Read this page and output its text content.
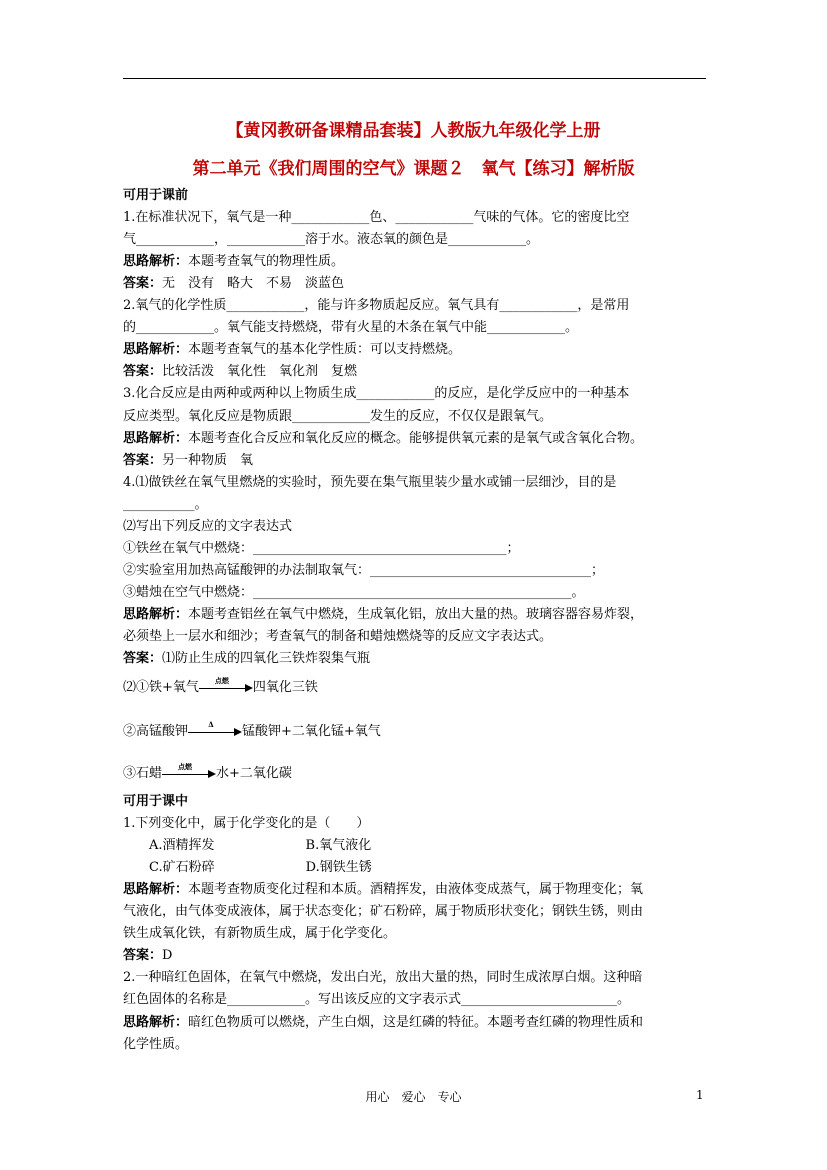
【黄冈教研备课精品套装】人教版九年级化学上册
第二单元《我们周围的空气》课题２　氧气【练习】解析版
可用于课前
1.在标准状况下，氧气是一种____________色、____________气味的气体。它的密度比空
气____________，____________溶于水。液态氧的颜色是____________。
思路解析：本题考查氧气的物理性质。
答案：无　没有　略大　不易　淡蓝色
2.氧气的化学性质____________，能与许多物质起反应。氧气具有____________，是常用
的____________。氧气能支持燃烧，带有火星的木条在氧气中能____________。
思路解析：本题考查氧气的基本化学性质：可以支持燃烧。
答案：比较活泼　氧化性　氧化剂　复燃
3.化合反应是由两种或两种以上物质生成____________的反应，是化学反应中的一种基本
反应类型。氧化反应是物质跟____________发生的反应，不仅仅是跟氧气。
思路解析：本题考查化合反应和氧化反应的概念。能够提供氧元素的是氧气或含氧化合物。
答案：另一种物质　氧
4.⑴做铁丝在氧气里燃烧的实验时，预先要在集气瓶里装少量水或铺一层细沙，目的是
___________。
⑵写出下列反应的文字表达式
①铁丝在氧气中燃烧：_______________________________________；
②实验室用加热高锰酸钾的办法制取氧气：__________________________________；
③蜡烛在空气中燃烧：_________________________________________________。
思路解析：本题考查铝丝在氧气中燃烧，生成氧化铝，放出大量的热。玻璃容器容易炸裂，
必须垫上一层水和细沙；考查氧气的制备和蜡烛燃烧等的反应文字表达式。
答案：⑴防止生成的四氧化三铁炸裂集气瓶
⑵①铁+氧气	点燃	四氧化三铁
②高锰酸钾	Δ	锰酸钾+二氧化锰+氧气
③石蜡	点燃	水+二氧化碳
可用于课中
1.下列变化中，属于化学变化的是（　　）
　　A.酒精挥发　　　　　　　B.氧气液化
　　C.矿石粉碎　　　　　　　D.钢铁生锈
思路解析：本题考查物质变化过程和本质。酒精挥发，由液体变成蒸气，属于物理变化；氧
气液化，由气体变成液体，属于状态变化；矿石粉碎，属于物质形状变化；钢铁生锈，则由
铁生成氧化铁，有新物质生成，属于化学变化。
答案：D
2.一种暗红色固体，在氧气中燃烧，发出白光，放出大量的热，同时生成浓厚白烟。这种暗
红色固体的名称是____________。写出该反应的文字表示式________________________。
思路解析：暗红色物质可以燃烧，产生白烟，这是红磷的特征。本题考查红磷的物理性质和
化学性质。
用心　爱心　专心	1
